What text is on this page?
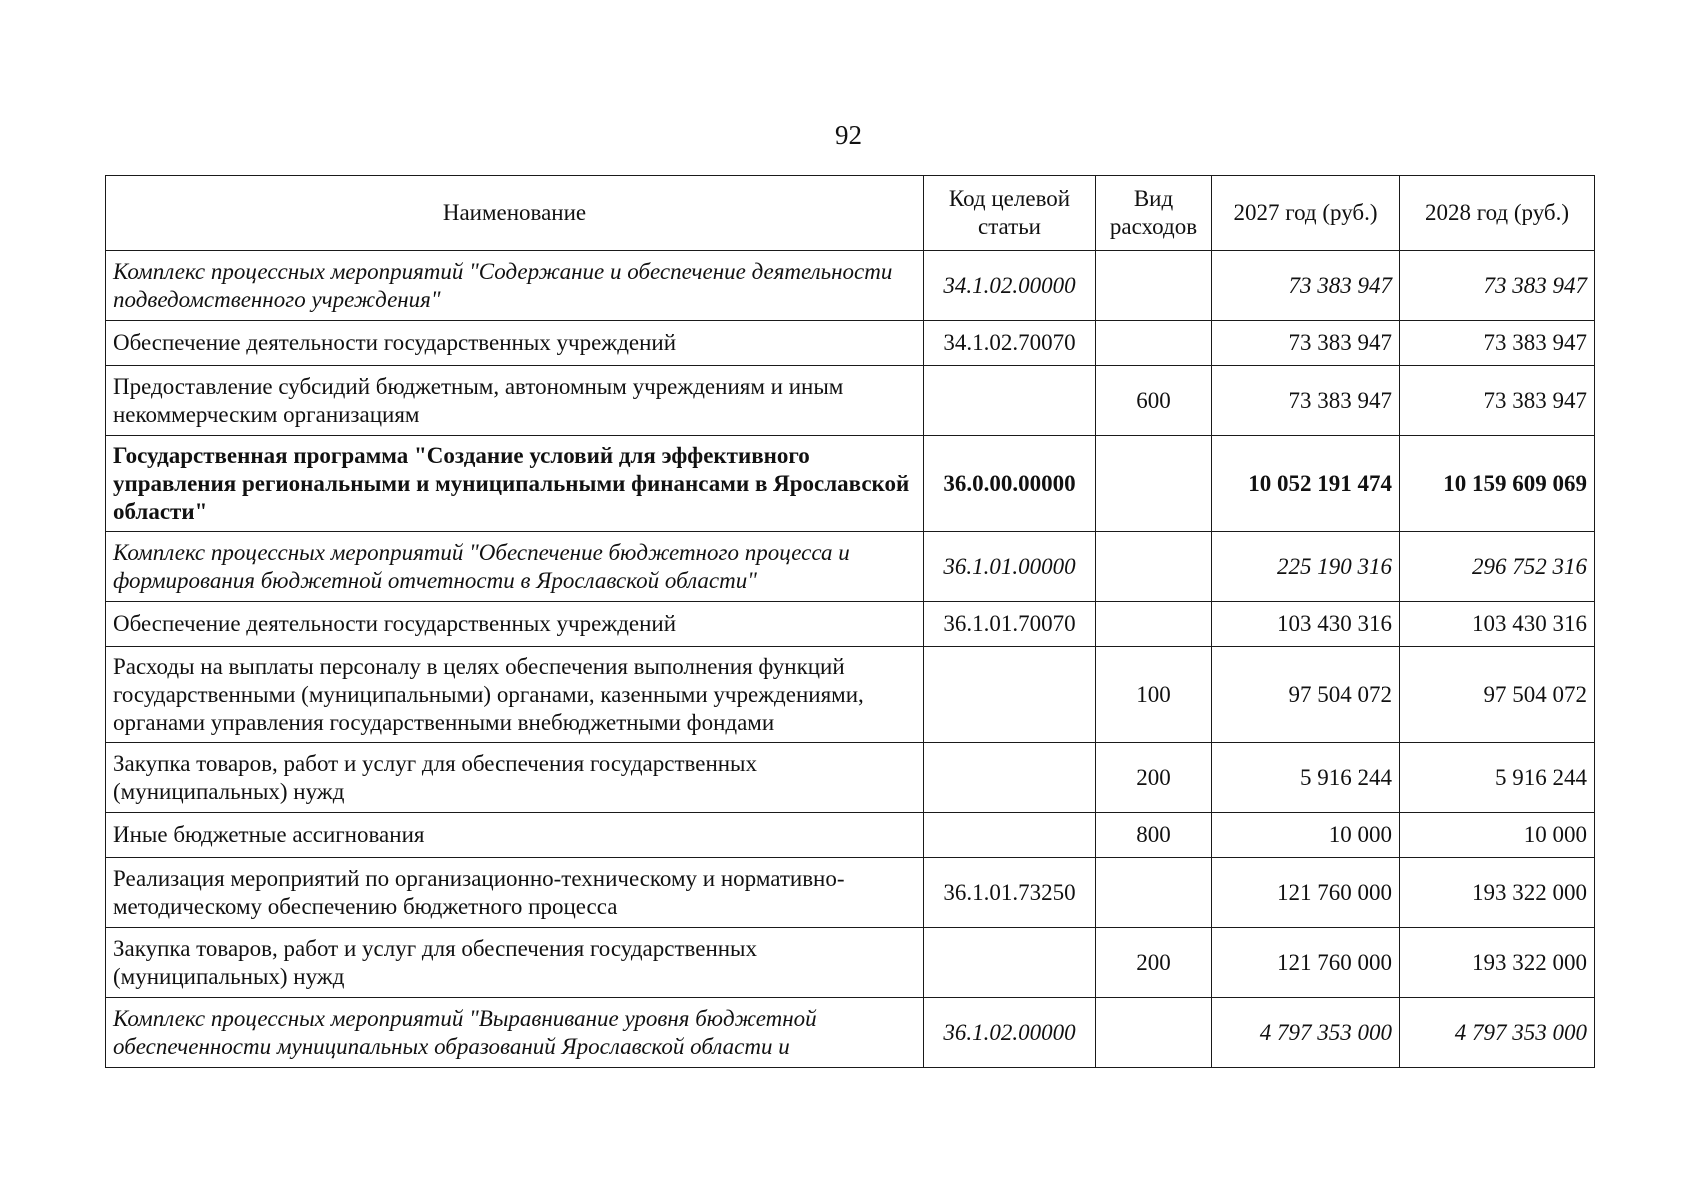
92
Наименование	Код целевой статьи	Вид расходов	2027 год (руб.)	2028 год (руб.)
Комплекс процессных мероприятий "Содержание и обеспечение деятельности подведомственного учреждения"	34.1.02.00000		73 383 947	73 383 947
Обеспечение деятельности государственных учреждений	34.1.02.70070		73 383 947	73 383 947
Предоставление субсидий бюджетным, автономным учреждениям и иным некоммерческим организациям		600	73 383 947	73 383 947
Государственная программа "Создание условий для эффективного управления региональными и муниципальными финансами в Ярославской области"	36.0.00.00000		10 052 191 474	10 159 609 069
Комплекс процессных мероприятий "Обеспечение бюджетного процесса и формирования бюджетной отчетности в Ярославской области"	36.1.01.00000		225 190 316	296 752 316
Обеспечение деятельности государственных учреждений	36.1.01.70070		103 430 316	103 430 316
Расходы на выплаты персоналу в целях обеспечения выполнения функций государственными (муниципальными) органами, казенными учреждениями, органами управления государственными внебюджетными фондами		100	97 504 072	97 504 072
Закупка товаров, работ и услуг для обеспечения государственных (муниципальных) нужд		200	5 916 244	5 916 244
Иные бюджетные ассигнования		800	10 000	10 000
Реализация мероприятий по организационно-техническому и нормативно-методическому обеспечению бюджетного процесса	36.1.01.73250		121 760 000	193 322 000
Закупка товаров, работ и услуг для обеспечения государственных (муниципальных) нужд		200	121 760 000	193 322 000
Комплекс процессных мероприятий "Выравнивание уровня бюджетной обеспеченности муниципальных образований Ярославской области и	36.1.02.00000		4 797 353 000	4 797 353 000
